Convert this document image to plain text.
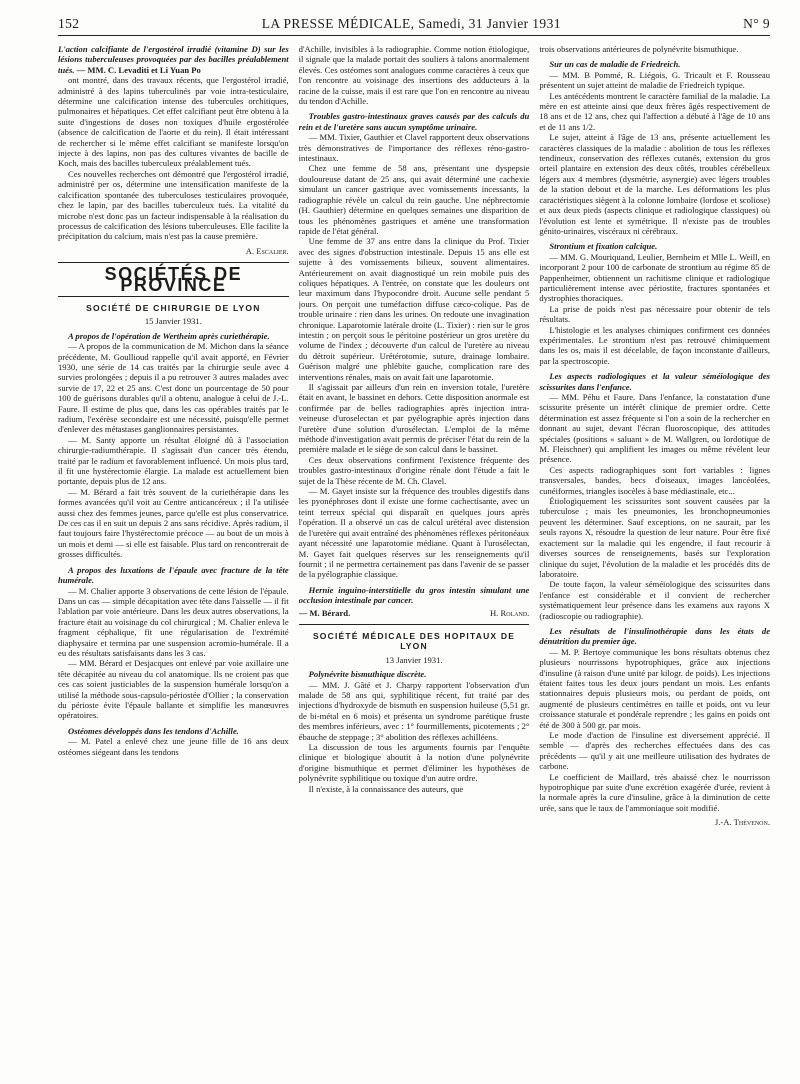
152	LA PRESSE MÉDICALE, Samedi, 31 Janvier 1931	N° 9

L'action calcifiante de l'ergostérol irradié (vitamine D) sur les lésions tuberculeuses provoquées par des bacilles préalablement tués. — MM. C. Levaditi et Li Yuan Po

ont montré, dans des travaux récents, que l'ergostérol irradié, administré à des lapins tuberculinés par voie intra-testiculaire, détermine une calcification intense des tubercules orchitiques, pulmonaires et hépatiques. Cet effet calcifiant peut être obtenu à la suite d'ingestions de doses non toxiques d'huile ergostérolée (absence de calcification de l'aorte et du rein). Il était intéressant de rechercher si le même effet calcifiant se manifeste lorsqu'on injecte à des lapins, non pas des cultures vivantes de bacille de Koch, mais des bacilles tuberculeux préalablement tués.

Ces nouvelles recherches ont démontré que l'ergostérol irradié, administré per os, détermine une intensification manifeste de la calcification spontanée des tuberculoses testiculaires provoquée, chez le lapin, par des bacilles tuberculeux tués. La vitalité du microbe n'est donc pas un facteur indispensable à la réalisation du processus de calcification des lésions tuberculeuses. Elle facilite la précipitation du calcium, mais n'est pas la cause première.

A. Escalier.
SOCIÉTÉS DE PROVINCE
SOCIÉTÉ DE CHIRURGIE DE LYON
15 Janvier 1931.

A propos de l'opération de Wertheim après curiethérapie.

— A propos de la communication de M. Michon dans la séance précédente, M. Goullioud rappelle qu'il avait apporté, en Février 1930, une série de 14 cas traités par la chirurgie seule avec 4 survies prolongées ; depuis il a pu retrouver 3 autres malades avec survie de 17, 22 et 25 ans. C'est donc un pourcentage de 50 pour 100 de guérisons durables qu'il a obtenu, analogue à celui de J.-L. Faure. Il estime de plus que, dans les cas opérables traités par le radium, l'exérèse secondaire est une nécessité, puisqu'elle permet d'enlever des métastases ganglionnaires persistantes.

— M. Santy apporte un résultat éloigné dû à l'association chirurgie-radiumthérapie. Il s'agissait d'un cancer très étendu, traité par le radium et favorablement influencé. Un mois plus tard, il fit une hystérectomie élargie. La malade est actuellement bien portante, depuis plus de 12 ans.

— M. Bérard a fait très souvent de la curiethérapie dans les formes avancées qu'il voit au Centre anticancéreux ; il l'a utilisée aussi chez des femmes jeunes, parce qu'elle est plus conservatrice. De ces cas il en suit un depuis 2 ans sans récidive. Après radium, il faut toujours faire l'hystérectomie précoce — au bout de un mois à un mois et demi — si elle est faisable. Plus tard on rencontrerait de grosses difficultés.

A propos des luxations de l'épaule avec fracture de la tête humérale.

— M. Chalier apporte 3 observations de cette lésion de l'épaule. Dans un cas — simple décapitation avec tête dans l'aisselle — il fit l'ablation par voie antérieure. Dans les deux autres observations, la fracture était au voisinage du col chirurgical ; M. Chalier enleva le fragment céphalique, fit une régularisation de l'extrémité diaphysaire et termina par une suspension acromio-humérale. Il a eu des résultats satisfaisants dans les 3 cas.

— MM. Bérard et Desjacques ont enlevé par voie axillaire une tête décapitée au niveau du col anatomique. Ils ne croient pas que ces cas soient justiciables de la suspension humérale lorsqu'on a utilisé la méthode sous-capsulo-périostée d'Ollier ; la conservation du périoste évite l'épaule ballante et simplifie les manœuvres opératoires.

Ostéomes développés dans les tendons d'Achille.

— M. Patel a enlevé chez une jeune fille de 16 ans deux ostéomes siégeant dans les tendons

d'Achille, invisibles à la radiographie. Comme notion étiologique, il signale que la malade portait des souliers à talons anormalement élevés. Ces ostéomes sont analogues comme caractères à ceux que l'on rencontre au voisinage des insertions des adducteurs à la racine de la cuisse, mais il est rare que l'on en rencontre au niveau du tendon d'Achille.

Troubles gastro-intestinaux graves causés par des calculs du rein et de l'uretère sans aucun symptôme urinaire.

— MM. Tixier, Gauthier et Clavel rapportent deux observations très démonstratives de l'importance des réflexes réno-gastro-intestinaux.

Chez une femme de 58 ans, présentant une dyspepsie douloureuse datant de 25 ans, qui avait déterminé une cachexie simulant un cancer gastrique avec vomissements incessants, la radiographie révèle un calcul du rein gauche. Une néphrectomie (H. Gauthier) détermine en quelques semaines une disparition de tous les phénomènes gastriques et amène une transformation rapide de l'état général.

Une femme de 37 ans entre dans la clinique du Prof. Tixier avec des signes d'obstruction intestinale. Depuis 15 ans elle est sujette à des vomissements bilieux, souvent alimentaires. Antérieurement on avait diagnostiqué un rein mobile puis des coliques hépatiques. A l'entrée, on constate que les douleurs ont leur maximum dans l'hypocondre droit. Aucune selle pendant 5 jours. On perçoit une tuméfaction diffuse cæco-colique. Pas de trouble urinaire : rien dans les urines. On redoute une invagination chronique. Laparotomie latérale droite (L. Tixier) : rien sur le gros intestin ; on perçoit sous le péritoine postérieur un gros uretère du volume de l'index ; découverte d'un calcul de l'uretère au niveau du détroit supérieur. Urétérotomie, suture, drainage lombaire. Guérison malgré une phlébite gauche, complication rare des interventions rénales, mais on avait fait une laparotomie.

Il s'agissait par ailleurs d'un rein en inversion totale, l'uretère était en avant, le bassinet en dehors. Cette disposition anormale est confirmée par de belles radiographies après injection intra-veineuse d'uroselectan et par pyélographie après injection dans l'uretère d'une solution d'urosélectan. L'emploi de la même méthode d'investigation avait permis de préciser l'état du rein de la première malade et le siège de son calcul dans le bassinet.

Ces deux observations confirment l'existence fréquente des troubles gastro-intestinaux d'origine rénale dont l'étude a fait le sujet de la Thèse récente de M. Ch. Clavel.

— M. Gayet insiste sur la fréquence des troubles digestifs dans les pyonéphroses dont il existe une forme cachectisante, avec un teint terreux spécial qui disparaît en quelques jours après l'opération. Il a observé un cas de calcul urétéral avec distension de l'uretère qui avait entraîné des phénomènes réflexes péritonéaux ayant nécessité une laparotomie médiane. Quant à l'urosélectan, M. Gayet fait quelques réserves sur les renseignements qu'il fournit ; il ne permettra certainement pas dans l'avenir de se passer de la pyélographie classique.

Hernie inguino-interstitielle du gros intestin simulant une occlusion intestinale par cancer.

— M. Bérard.	H. Roland.
SOCIÉTÉ MÉDICALE DES HOPITAUX DE LYON
13 Janvier 1931.

Polynévrite bismuthique discrète.

— MM. J. Gâté et J. Charpy rapportent l'observation d'un malade de 58 ans qui, syphilitique récent, fut traité par des injections d'hydroxyde de bismuth en suspension huileuse (5,51 gr. de bi-métal en 6 mois) et présenta un syndrome parétique fruste des membres inférieurs, avec : 1° fourmillements, picotements ; 2° ébauche de steppage ; 3° abolition des réflexes achilléens.

La discussion de tous les arguments fournis par l'enquête clinique et biologique aboutit à la notion d'une polynévrite d'origine bismuthique et permet d'éliminer les hypothèses de polynévrite syphilitique ou toxique d'un autre ordre.

Il n'existe, à la connaissance des auteurs, que

trois observations antérieures de polynévrite bismuthique.

Sur un cas de maladie de Friedreich.

— MM. B Pommé, R. Liégois, G. Tricault et F. Rousseau présentent un sujet atteint de maladie de Friedreich typique.

Les antécédents montrent le caractère familial de la maladie. La mère en est atteinte ainsi que deux frères âgés respectivement de 18 ans et de 12 ans, chez qui l'affection a débuté à l'âge de 10 ans et de 11 ans 1/2.

Le sujet, atteint à l'âge de 13 ans, présente actuellement les caractères classiques de la maladie : abolition de tous les réflexes tendineux, conservation des réflexes cutanés, extension du gros orteil plantaire en extension des deux côtés, troubles cérébelleux légers aux 4 membres (dysmétrie, asynergie) avec légers troubles de la station debout et de la marche. Les déformations les plus caractéristiques siègent à la colonne lombaire (lordose et scoliose) et aux deux pieds (aspects clinique et radiologique classiques) où l'évolution est lente et symétrique. Il n'existe pas de troubles génito-urinaires, viscéraux ni cérébraux.

Strontium et fixation calcique.

— MM. G. Mouriquand, Leulier, Bernheim et Mlle L. Weill, en incorporant 2 pour 100 de carbonate de strontium au régime 85 de Pappenheimer, obtiennent un rachitisme clinique et radiologique particulièrement intense avec périostite, fractures spontanées et dystrophies thoraciques.

La prise de poids n'est pas nécessaire pour obtenir de tels résultats.

L'histologie et les analyses chimiques confirment ces données expérimentales. Le strontium n'est pas retrouvé chimiquement dans les os, mais il est décelable, de façon inconstante d'ailleurs, par la spectroscopie.

Les aspects radiologiques et la valeur séméiologique des scissurites dans l'enfance.

— MM. Péhu et Faure. Dans l'enfance, la constatation d'une scissurite présente un intérêt clinique de premier ordre. Cette détermination est assez fréquente si l'on a soin de la rechercher en donnant au sujet, devant l'écran fluoroscopique, des attitudes spéciales (positions « saluant » de M. Wallgren, ou lordotique de M. Fleischner) qui amplifient les images ou même révèlent leur présence.

Ces aspects radiographiques sont fort variables : lignes transversales, bandes, becs d'oiseaux, images lancéolées, cunéiformes, triangles isocèles à base médiastinale, etc...

Étiologiquement les scissurites sont souvent causées par la tuberculose ; mais les pneumonies, les bronchopneumonies peuvent les déterminer. Sauf exceptions, on ne saurait, par les seuls rayons X, résoudre la question de leur nature. Pour être fixé exactement sur la maladie qui les engendre, il faut recourir à diverses sources de renseignements, basés sur l'exploration clinique du sujet, l'évolution de la maladie et les procédés dits de laboratoire.

De toute façon, la valeur séméiologique des scissurites dans l'enfance est considérable et il convient de rechercher systématiquement leur présence dans les examens aux rayons X (radioscopie ou radiographie).

Les résultats de l'insulinothérapie dans les états de dénutrition du premier âge.

— M. P. Bertoye communique les bons résultats obtenus chez plusieurs nourrissons hypotrophiques, grâce aux injections d'insuline (à raison d'une unité par kilogr. de poids). Les injections étaient faites tous les deux jours pendant un mois. Les enfants stationnaires depuis plusieurs mois, ou perdant de poids, ont augmenté de plusieurs centimètres en taille et poids, ont vu leur croissance staturale et pondérale reprendre ; les gains en poids ont été de 300 à 500 gr. par mois.

Le mode d'action de l'insuline est diversement apprécié. Il semble — d'après des recherches effectuées dans des cas précédents — qu'il y ait une meilleure utilisation des hydrates de carbone.

Le coefficient de Maillard, très abaissé chez le nourrisson hypotrophique par suite d'une excrétion exagérée d'urée, revient à la normale après la cure d'insuline, grâce à la diminution de cette urée, sans que le taux de l'ammoniaque soit modifié.

J.-A. Thévenon.
